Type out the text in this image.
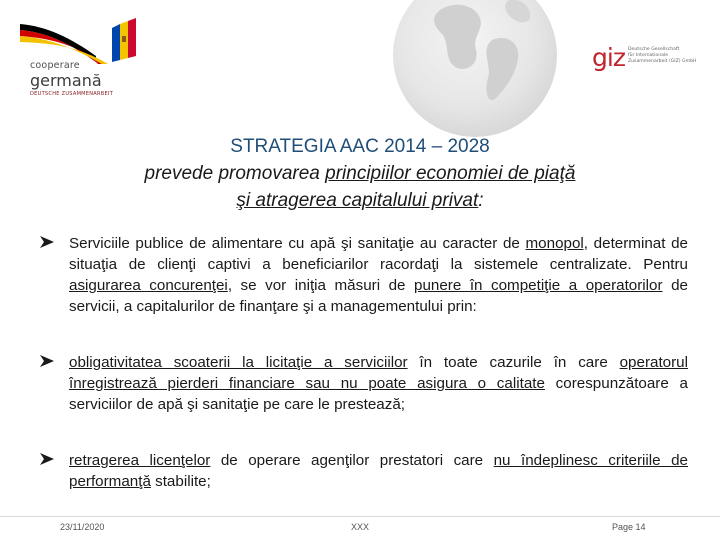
cooperare
germană
DEUTSCHE ZUSAMMENARBEIT
giz Deutsche Gesellschaft
für Internationale
Zusammenarbeit (GIZ) GmbH
STRATEGIA AAC 2014 – 2028
prevede promovarea principiilor economiei de piaţă
şi atragerea capitalului privat:
Serviciile publice de alimentare cu apă şi sanitaţie au caracter de monopol, determinat de situaţia de clienţi captivi a beneficiarilor racordaţi la sistemele centralizate. Pentru asigurarea concurenţei, se vor iniţia măsuri de punere în competiţie a operatorilor de servicii, a capitalurilor de finanţare şi a managementului prin:
obligativitatea scoaterii la licitaţie a serviciilor în toate cazurile în care operatorul înregistrează pierderi financiare sau nu poate asigura o calitate corespunzătoare a serviciilor de apă şi sanitaţie pe care le prestează;
retragerea licenţelor de operare agenţilor prestatori care nu îndeplinesc criteriile de performanţă stabilite;
23/11/2020	XXX	Page 14
